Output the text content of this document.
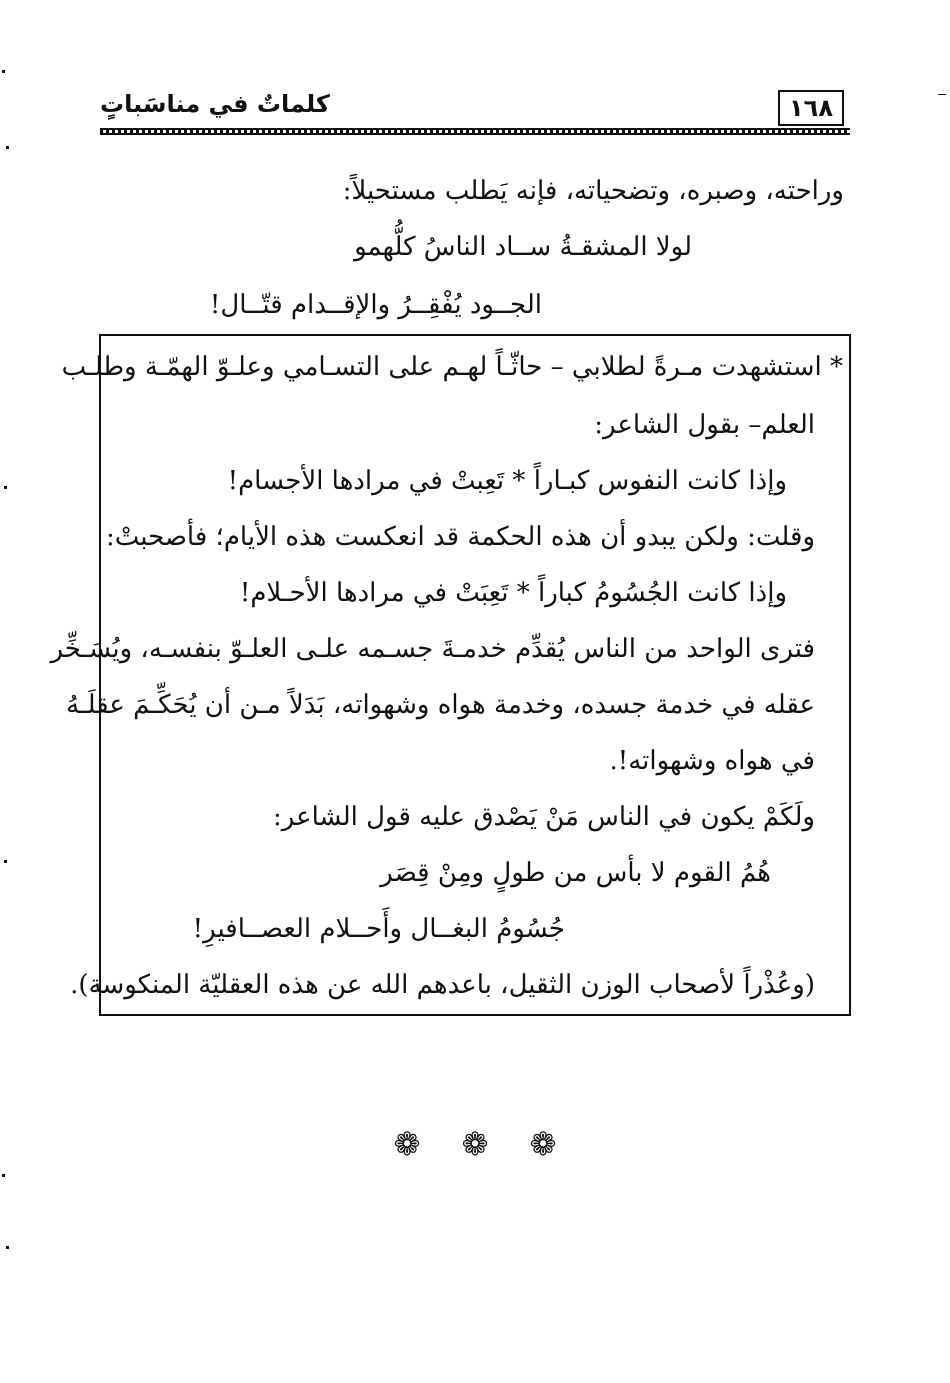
كلماتٌ في مناسَباتٍ	١٦٨
وراحته، وصبره، وتضحياته، فإنه يَطلب مستحيلاً:
لولا المشقـةُ ســاد الناسُ كلُّهمو
الجــود يُفْقِــرُ والإقــدام قتّــال!
* استشهدت مـرةً لطلابي – حاثّـاً لهـم على التسـامي وعلـوّ الهمّـة وطلـب
العلم– بقول الشاعر:
وإذا كانت النفوس كبـاراً * تَعِبتْ في مرادها الأجسام!
وقلت: ولكن يبدو أن هذه الحكمة قد انعكست هذه الأيام؛ فأصحبتْ:
وإذا كانت الجُسُومُ كباراً * تَعِبَتْ في مرادها الأحـلام!
فترى الواحد من الناس يُقدِّم خدمـةَ جسـمه علـى العلـوّ بنفسـه، ويُسَـخِّر
عقله في خدمة جسده، وخدمة هواه وشهواته، بَدَلاً مـن أن يُحَكِّـمَ عقلَـهُ
في هواه وشهواته!.
ولَكَمْ يكون في الناس مَنْ يَصْدق عليه قول الشاعر:
هُمُ القوم لا بأس من طولٍ ومِنْ قِصَر
جُسُومُ البغــال وأَحــلام العصــافيرِ!
(وعُذْراً لأصحاب الوزن الثقيل، باعدهم الله عن هذه العقليّة المنكوسة).
❁ ❁ ❁
